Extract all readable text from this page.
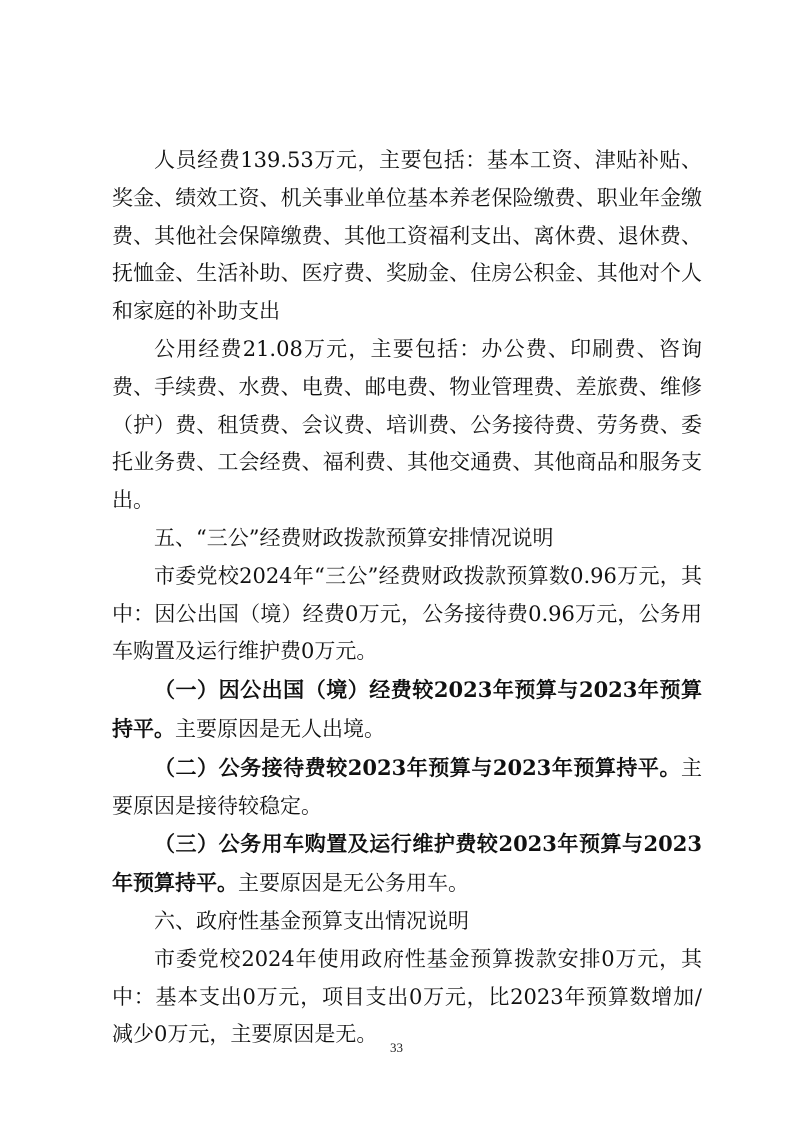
人员经费139.53万元，主要包括：基本工资、津贴补贴、奖金、绩效工资、机关事业单位基本养老保险缴费、职业年金缴费、其他社会保障缴费、其他工资福利支出、离休费、退休费、抚恤金、生活补助、医疗费、奖励金、住房公积金、其他对个人和家庭的补助支出

公用经费21.08万元，主要包括：办公费、印刷费、咨询费、手续费、水费、电费、邮电费、物业管理费、差旅费、维修（护）费、租赁费、会议费、培训费、公务接待费、劳务费、委托业务费、工会经费、福利费、其他交通费、其他商品和服务支出。

五、“三公”经费财政拨款预算安排情况说明

市委党校2024年“三公”经费财政拨款预算数0.96万元，其中：因公出国（境）经费0万元，公务接待费0.96万元，公务用车购置及运行维护费0万元。

（一）因公出国（境）经费较2023年预算与2023年预算持平。主要原因是无人出境。

（二）公务接待费较2023年预算与2023年预算持平。主要原因是接待较稳定。

（三）公务用车购置及运行维护费较2023年预算与2023年预算持平。主要原因是无公务用车。

六、政府性基金预算支出情况说明

市委党校2024年使用政府性基金预算拨款安排0万元，其中：基本支出0万元，项目支出0万元，比2023年预算数增加/减少0万元，主要原因是无。

33
